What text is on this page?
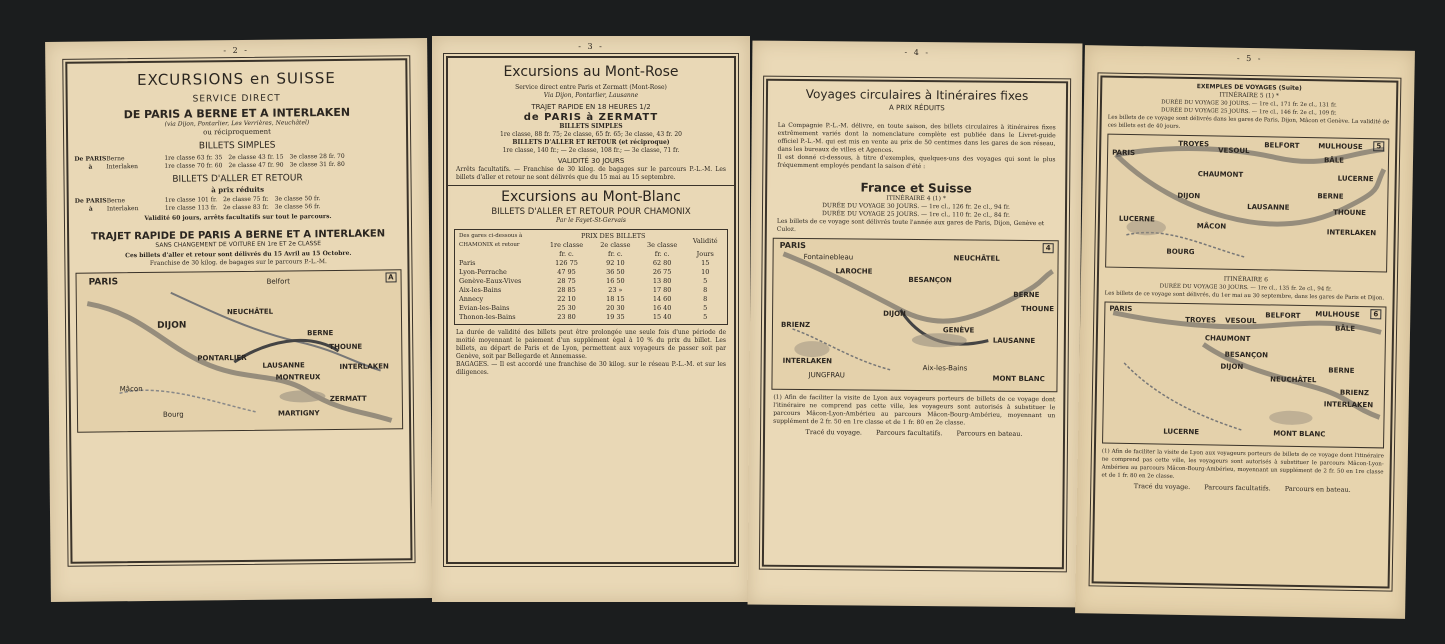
- 2 -
EXCURSIONS en SUISSE
SERVICE DIRECT
DE PARIS A BERNE ET A INTERLAKEN
(via Dijon, Pontarlier, Les Verrières, Neuchâtel)
ou réciproquement
BILLETS SIMPLES
De PARIS à
Berne	1re classe 63 fr. 35 2e classe 43 fr. 15 3e classe 28 fr. 70
Interlaken	1re classe 70 fr. 60 2e classe 47 fr. 90 3e classe 31 fr. 80
BILLETS D'ALLER ET RETOUR
à prix réduits
De PARIS à
Berne	1re classe 101 fr. 2e classe 75 fr. 3e classe 50 fr.
Interlaken	1re classe 113 fr. 2e classe 83 fr. 3e classe 56 fr.
Validité 60 jours, arrêts facultatifs sur tout le parcours.
TRAJET RAPIDE DE PARIS A BERNE ET A INTERLAKEN
SANS CHANGEMENT DE VOITURE EN 1re ET 2e CLASSE
Ces billets d'aller et retour sont délivrés du 15 Avril au 15 Octobre.
Franchise de 30 kilog. de bagages sur le parcours P.-L.-M.
PARIS
DIJON
NEUCHÂTEL
BERNE
THOUNE
PONTARLIER
LAUSANNE
MONTREUX
INTERLAKEN
ZERMATT
MARTIGNY
Mâcon
Bourg
Belfort
A
- 3 -
Excursions au Mont-Rose
Service direct entre Paris et Zermatt (Mont-Rose)
Via Dijon, Pontarlier, Lausanne
TRAJET RAPIDE EN 18 HEURES 1/2
de PARIS à ZERMATT
BILLETS SIMPLES
1re classe, 88 fr. 75; 2e classe, 65 fr. 65; 3e classe, 43 fr. 20
BILLETS D'ALLER ET RETOUR (et réciproque)
1re classe, 140 fr.; — 2e classe, 108 fr.; — 3e classe, 71 fr.
VALIDITÉ 30 JOURS
Arrêts facultatifs. — Franchise de 30 kilog. de bagages sur le parcours P.-L.-M. Les billets d'aller et retour ne sont délivrés que du 15 mai au 15 septembre.
Excursions au Mont-Blanc
BILLETS D'ALLER ET RETOUR POUR CHAMONIX
Par le Fayet-St-Gervais
Des gares ci-dessous à CHAMONIX et retour	PRIX DES BILLETS			Validité
	1re classe	2e classe	3e classe	
	fr. c.	fr. c.	fr. c.	Jours
Paris	126 75	92 10	62 80	15
Lyon-Perrache	47 95	36 50	26 75	10
Genève-Eaux-Vives	28 75	16 50	13 80	5
Aix-les-Bains	28 85	23 »	17 80	8
Annecy	22 10	18 15	14 60	8
Evian-les-Bains	25 30	20 30	16 40	5
Thonon-les-Bains	23 80	19 35	15 40	5
La durée de validité des billets peut être prolongée une seule fois d'une période de moitié moyennant le paiement d'un supplément égal à 10 % du prix du billet. Les billets, au départ de Paris et de Lyon, permettent aux voyageurs de passer soit par Genève, soit par Bellegarde et Annemasse.
BAGAGES. — Il est accordé une franchise de 30 kilog. sur le réseau P.-L.-M. et sur les diligences.
- 4 -
Voyages circulaires à Itinéraires fixes
A PRIX RÉDUITS
La Compagnie P.-L.-M. délivre, en toute saison, des billets circulaires à itinéraires fixes extrêmement variés dont la nomenclature complète est publiée dans le Livret-guide officiel P.-L.-M. qui est mis en vente au prix de 50 centimes dans les gares de son réseau, dans les bureaux de villes et Agences.
Il est donné ci-dessous, à titre d'exemples, quelques-uns des voyages qui sont le plus fréquemment employés pendant la saison d'été :
France et Suisse
ITINÉRAIRE 4 (1) *
DURÉE DU VOYAGE 30 JOURS. — 1re cl., 126 fr. 2e cl., 94 fr.
DURÉE DU VOYAGE 25 JOURS. — 1re cl., 110 fr. 2e cl., 84 fr.
Les billets de ce voyage sont délivrés toute l'année aux gares de Paris, Dijon, Genève et Culoz.
PARIS
Fontainebleau
LAROCHE
BESANÇON
NEUCHÂTEL
DIJON
BERNE
THOUNE
BRIENZ
INTERLAKEN
GENÈVE
LAUSANNE
JUNGFRAU
Aix-les-Bains
MONT BLANC
4
(1) Afin de faciliter la visite de Lyon aux voyageurs porteurs de billets de ce voyage dont l'itinéraire ne comprend pas cette ville, les voyageurs sont autorisés à substituer le parcours Mâcon-Lyon-Ambérieu au parcours Mâcon-Bourg-Ambérieu, moyennant un supplément de 2 fr. 50 en 1re classe et de 1 fr. 80 en 2e classe.
Tracé du voyage. Parcours facultatifs. Parcours en bateau.
- 5 -
EXEMPLES DE VOYAGES (Suite)
ITINÉRAIRE 5 (1) *
DURÉE DU VOYAGE 30 JOURS. — 1re cl., 171 fr. 2e cl., 131 fr.
DURÉE DU VOYAGE 25 JOURS. — 1re cl., 146 fr. 2e cl., 109 fr.
Les billets de ce voyage sont délivrés dans les gares de Paris, Dijon, Mâcon et Genève. La validité de ces billets est de 40 jours.
PARIS
TROYES
VESOUL
BELFORT	MULHOUSE
BÂLE
CHAUMONT	LUCERNE
DIJON	BERNE
LAUSANNE
THOUNE
MÂCON
INTERLAKEN
BOURG
LUCERNE
5
ITINÉRAIRE 6
DURÉE DU VOYAGE 30 JOURS. — 1re cl., 135 fr. 2e cl., 94 fr.
Les billets de ce voyage sont délivrés, du 1er mai au 30 septembre, dans les gares de Paris et Dijon.
PARIS
TROYES VESOUL
BELFORT MULHOUSE
BÂLE
CHAUMONT
BESANÇON
DIJON	BERNE
BRIENZ
INTERLAKEN
NEUCHÂTEL
LUCERNE	MONT BLANC
6
(1) Afin de faciliter la visite de Lyon aux voyageurs porteurs de billets de ce voyage dont l'itinéraire ne comprend pas cette ville, les voyageurs sont autorisés à substituer le parcours Mâcon-Lyon-Ambérieu au parcours Mâcon-Bourg-Ambérieu, moyennant un supplément de 2 fr. 50 en 1re classe et de 1 fr. 80 en 2e classe.
Tracé du voyage. Parcours facultatifs. Parcours en bateau.
